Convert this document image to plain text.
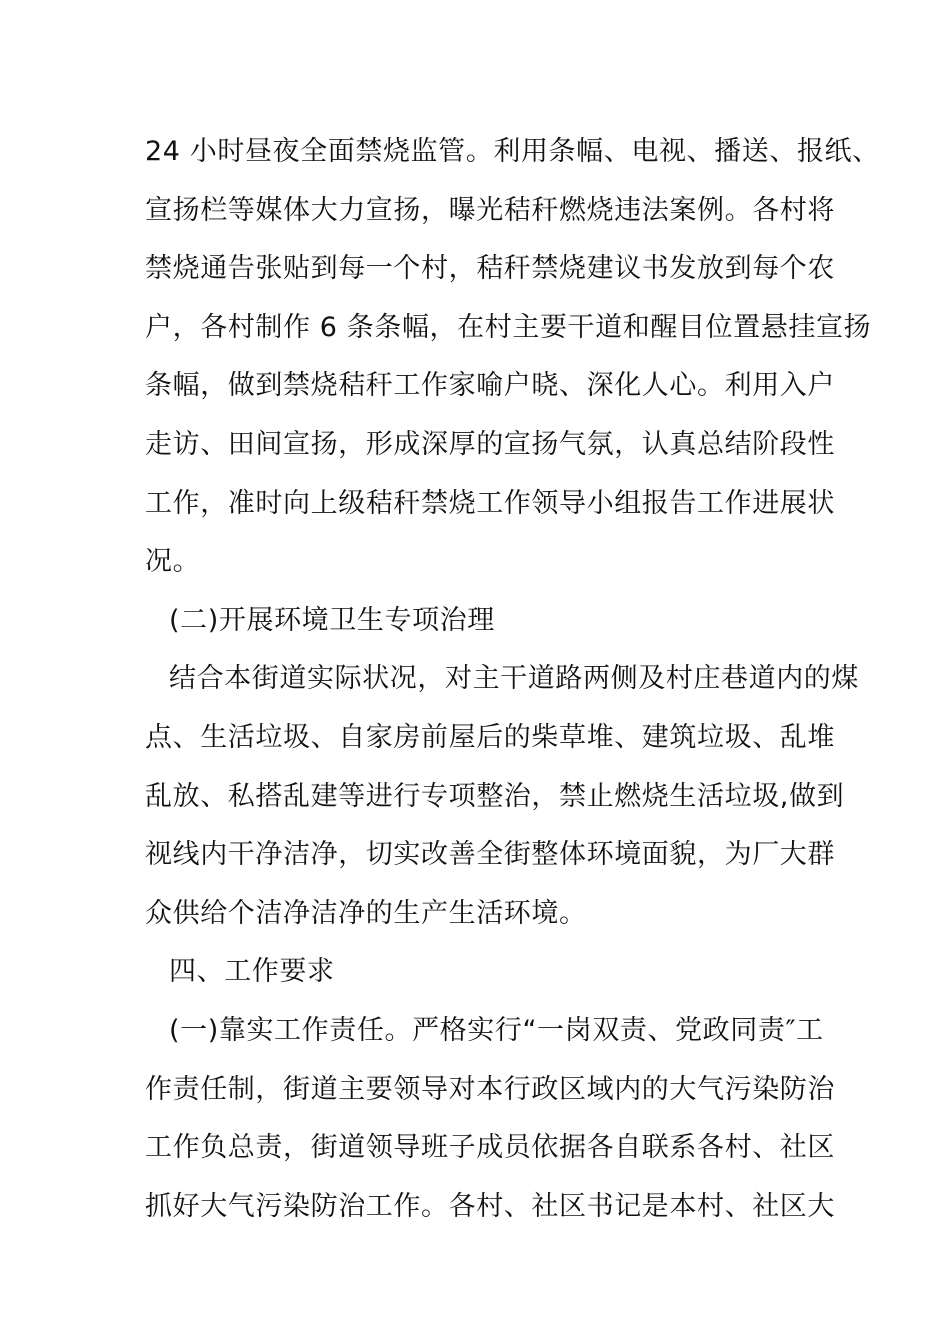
24 小时昼夜全面禁烧监管。利用条幅、电视、播送、报纸、
宣扬栏等媒体大力宣扬，曝光秸秆燃烧违法案例。各村将
禁烧通告张贴到每一个村，秸秆禁烧建议书发放到每个农
户，各村制作 6 条条幅，在村主要干道和醒目位置悬挂宣扬
条幅，做到禁烧秸秆工作家喻户晓、深化人心。利用入户
走访、田间宣扬，形成深厚的宣扬气氛，认真总结阶段性
工作，准时向上级秸秆禁烧工作领导小组报告工作进展状
况。
(二)开展环境卫生专项治理
结合本街道实际状况，对主干道路两侧及村庄巷道内的煤
点、生活垃圾、自家房前屋后的柴草堆、建筑垃圾、乱堆
乱放、私搭乱建等进行专项整治，禁止燃烧生活垃圾,做到
视线内干净洁净，切实改善全街整体环境面貌，为厂大群
众供给个洁净洁净的生产生活环境。
四、工作要求
(一)靠实工作责任。严格实行“一岗双责、党政同责″工
作责任制，街道主要领导对本行政区域内的大气污染防治
工作负总责，街道领导班子成员依据各自联系各村、社区
抓好大气污染防治工作。各村、社区书记是本村、社区大
